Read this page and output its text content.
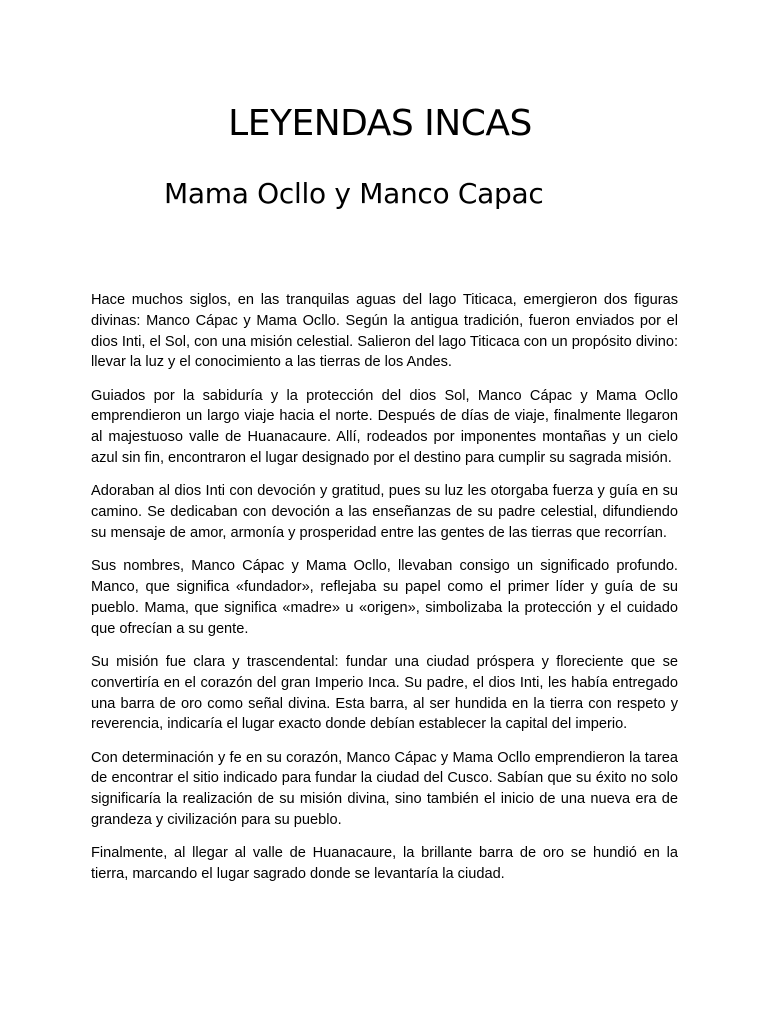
LEYENDAS INCAS
Mama Ocllo y Manco Capac

Hace muchos siglos, en las tranquilas aguas del lago Titicaca, emergieron dos figuras divinas: Manco Cápac y Mama Ocllo. Según la antigua tradición, fueron enviados por el dios Inti, el Sol, con una misión celestial. Salieron del lago Titicaca con un propósito divino: llevar la luz y el conocimiento a las tierras de los Andes.

Guiados por la sabiduría y la protección del dios Sol, Manco Cápac y Mama Ocllo emprendieron un largo viaje hacia el norte. Después de días de viaje, finalmente llegaron al majestuoso valle de Huanacaure. Allí, rodeados por imponentes montañas y un cielo azul sin fin, encontraron el lugar designado por el destino para cumplir su sagrada misión.

Adoraban al dios Inti con devoción y gratitud, pues su luz les otorgaba fuerza y guía en su camino. Se dedicaban con devoción a las enseñanzas de su padre celestial, difundiendo su mensaje de amor, armonía y prosperidad entre las gentes de las tierras que recorrían.

Sus nombres, Manco Cápac y Mama Ocllo, llevaban consigo un significado profundo. Manco, que significa «fundador», reflejaba su papel como el primer líder y guía de su pueblo. Mama, que significa «madre» u «origen», simbolizaba la protección y el cuidado que ofrecían a su gente.

Su misión fue clara y trascendental: fundar una ciudad próspera y floreciente que se convertiría en el corazón del gran Imperio Inca. Su padre, el dios Inti, les había entregado una barra de oro como señal divina. Esta barra, al ser hundida en la tierra con respeto y reverencia, indicaría el lugar exacto donde debían establecer la capital del imperio.

Con determinación y fe en su corazón, Manco Cápac y Mama Ocllo emprendieron la tarea de encontrar el sitio indicado para fundar la ciudad del Cusco. Sabían que su éxito no solo significaría la realización de su misión divina, sino también el inicio de una nueva era de grandeza y civilización para su pueblo.

Finalmente, al llegar al valle de Huanacaure, la brillante barra de oro se hundió en la tierra, marcando el lugar sagrado donde se levantaría la ciudad.
